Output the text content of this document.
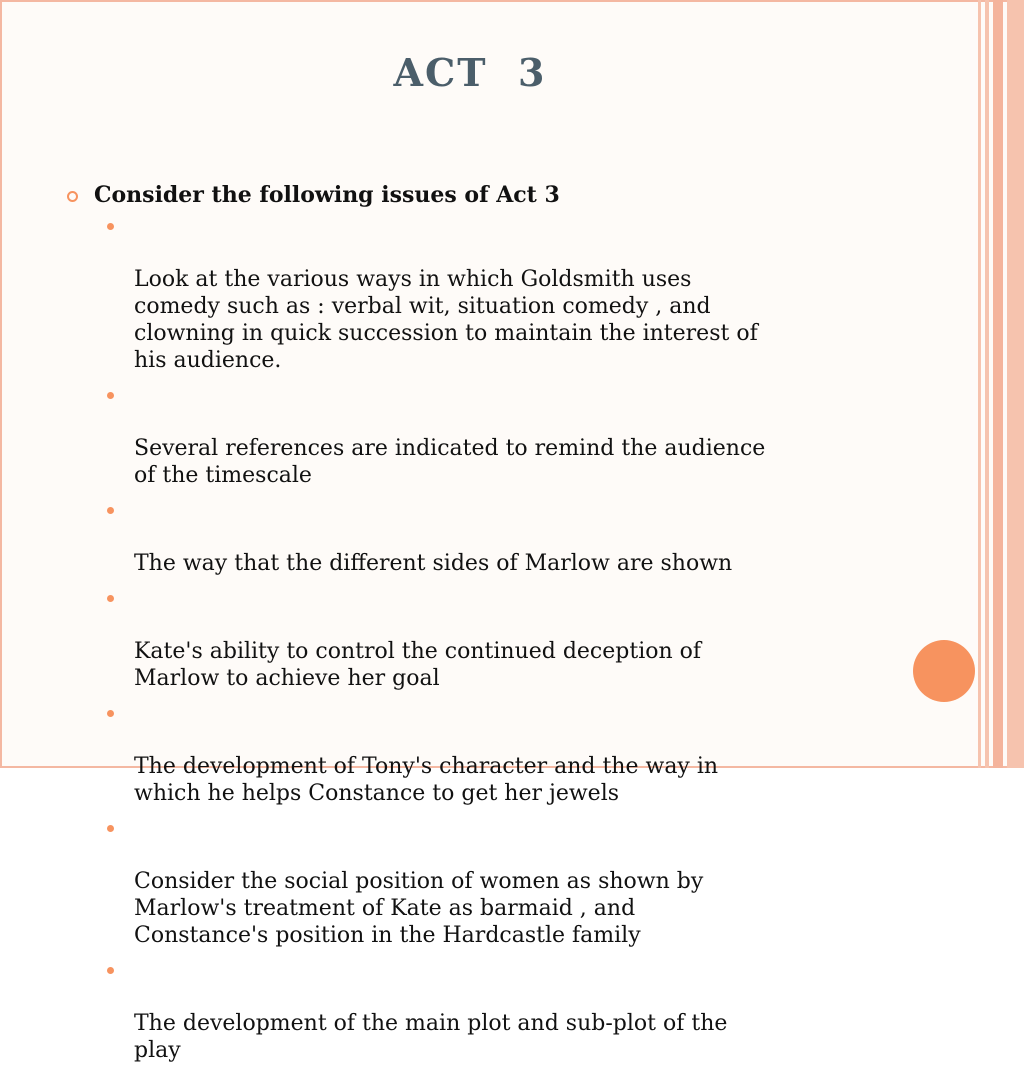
ACT  3
Consider the following issues of Act 3

Look at the various ways in which Goldsmith uses
comedy such as : verbal wit, situation comedy , and
clowning in quick succession to maintain the interest of
his audience.

Several references are indicated to remind the audience
of the timescale

The way that the different sides of Marlow are shown

Kate's ability to control the continued deception of
Marlow to achieve her goal

The development of Tony's character and the way in
which he helps Constance to get her jewels

Consider the social position of women as shown by
Marlow's treatment of Kate as barmaid , and
Constance's position in the Hardcastle family

The development of the main plot and sub-plot of the
play
